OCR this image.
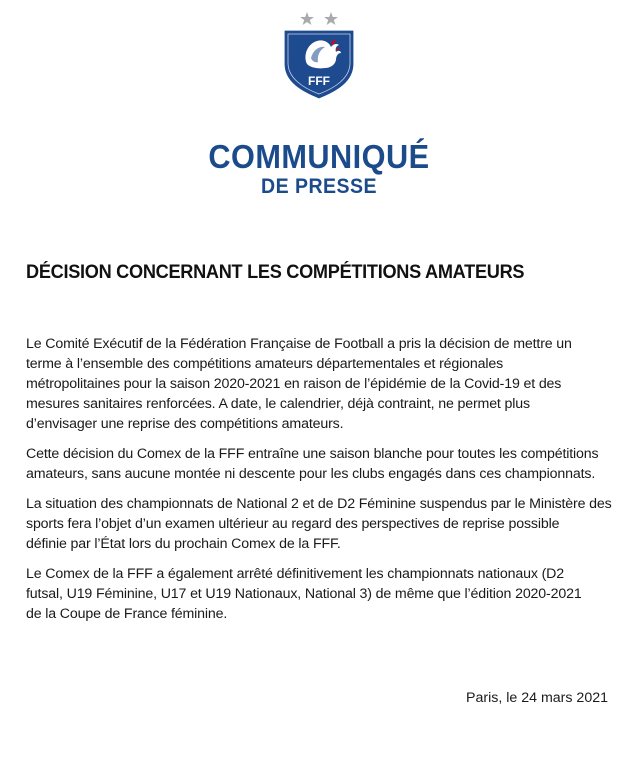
FFF
COMMUNIQUÉ
DE PRESSE
DÉCISION CONCERNANT LES COMPÉTITIONS AMATEURS
Le Comité Exécutif de la Fédération Française de Football a pris la décision de mettre un
terme à l’ensemble des compétitions amateurs départementales et régionales
métropolitaines pour la saison 2020-2021 en raison de l’épidémie de la Covid-19 et des
mesures sanitaires renforcées. A date, le calendrier, déjà contraint, ne permet plus
d’envisager une reprise des compétitions amateurs.
Cette décision du Comex de la FFF entraîne une saison blanche pour toutes les compétitions
amateurs, sans aucune montée ni descente pour les clubs engagés dans ces championnats.
La situation des championnats de National 2 et de D2 Féminine suspendus par le Ministère des
sports fera l’objet d’un examen ultérieur au regard des perspectives de reprise possible
définie par l’État lors du prochain Comex de la FFF.
Le Comex de la FFF a également arrêté définitivement les championnats nationaux (D2
futsal, U19 Féminine, U17 et U19 Nationaux, National 3) de même que l’édition 2020-2021
de la Coupe de France féminine.
Paris, le 24 mars 2021
